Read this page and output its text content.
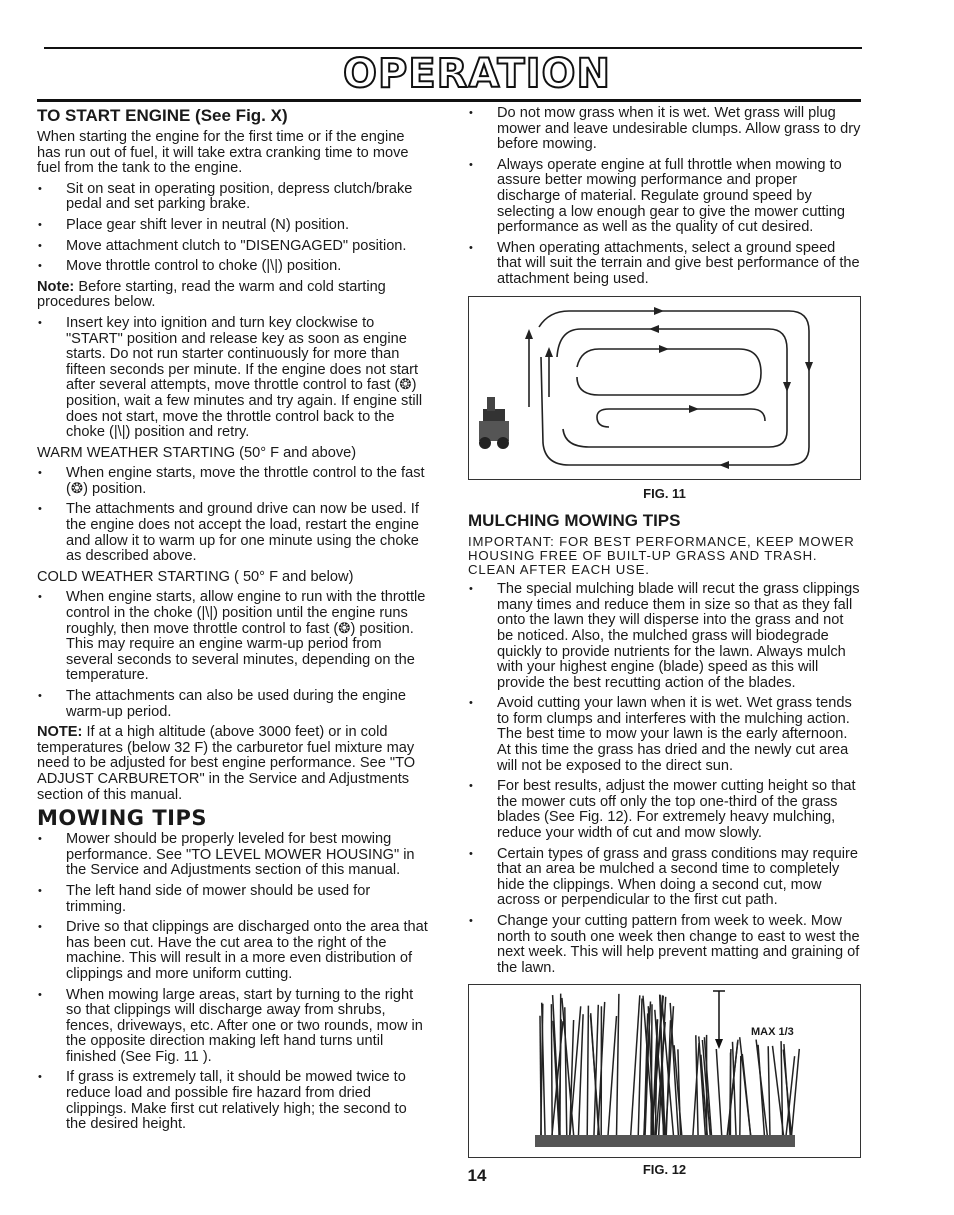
OPERATION
TO START ENGINE (See Fig. X)

When starting the engine for the first time or if the engine has run out of fuel, it will take extra cranking time to move fuel from the tank to the engine.

• Sit on seat in operating position, depress clutch/brake pedal and set parking brake.
• Place gear shift lever in neutral (N) position.
• Move attachment clutch to "DISENGAGED" position.
• Move throttle control to choke (|\|) position.

Note: Before starting, read the warm and cold starting procedures below.

• Insert key into ignition and turn key clockwise to "START" position and release key as soon as engine starts. Do not run starter continuously for more than fifteen seconds per minute. If the engine does not start after several attempts, move throttle control to fast (❂) position, wait a few minutes and try again. If engine still does not start, move the throttle control back to the choke (|\|) position and retry.

WARM WEATHER STARTING (50° F and above)

• When engine starts, move the throttle control to the fast (❂) position.
• The attachments and ground drive can now be used. If the engine does not accept the load, restart the engine and allow it to warm up for one minute using the choke as described above.

COLD WEATHER STARTING ( 50° F and below)

• When engine starts, allow engine to run with the throttle control in the choke (|\|) position until the engine runs roughly, then move throttle control to fast (❂) position. This may require an engine warm-up period from several seconds to several minutes, depending on the temperature.
• The attachments can also be used during the engine warm-up period.

NOTE: If at a high altitude (above 3000 feet) or in cold temperatures (below 32 F) the carburetor fuel mixture may need to be adjusted for best engine performance. See "TO ADJUST CARBURETOR" in the Service and Adjustments section of this manual.

MOWING TIPS
• Mower should be properly leveled for best mowing performance. See "TO LEVEL MOWER HOUSING" in the Service and Adjustments section of this manual.
• The left hand side of mower should be used for trimming.
• Drive so that clippings are discharged onto the area that has been cut. Have the cut area to the right of the machine. This will result in a more even distribution of clippings and more uniform cutting.
• When mowing large areas, start by turning to the right so that clippings will discharge away from shrubs, fences, driveways, etc. After one or two rounds, mow in the opposite direction making left hand turns until finished (See Fig. 11 ).
• If grass is extremely tall, it should be mowed twice to reduce load and possible fire hazard from dried clippings. Make first cut relatively high; the second to the desired height.
• Do not mow grass when it is wet. Wet grass will plug mower and leave undesirable clumps. Allow grass to dry before mowing.
• Always operate engine at full throttle when mowing to assure better mowing performance and proper discharge of material. Regulate ground speed by selecting a low enough gear to give the mower cutting performance as well as the quality of cut desired.
• When operating attachments, select a ground speed that will suit the terrain and give best performance of the attachment being used.
FIG. 11
MULCHING MOWING TIPS

IMPORTANT: FOR BEST PERFORMANCE, KEEP MOWER HOUSING FREE OF BUILT-UP GRASS AND TRASH. CLEAN AFTER EACH USE.

• The special mulching blade will recut the grass clippings many times and reduce them in size so that as they fall onto the lawn they will disperse into the grass and not be noticed. Also, the mulched grass will biodegrade quickly to provide nutrients for the lawn. Always mulch with your highest engine (blade) speed as this will provide the best recutting action of the blades.
• Avoid cutting your lawn when it is wet. Wet grass tends to form clumps and interferes with the mulching action. The best time to mow your lawn is the early afternoon. At this time the grass has dried and the newly cut area will not be exposed to the direct sun.
• For best results, adjust the mower cutting height so that the mower cuts off only the top one-third of the grass blades (See Fig. 12). For extremely heavy mulching, reduce your width of cut and mow slowly.
• Certain types of grass and grass conditions may require that an area be mulched a second time to completely hide the clippings. When doing a second cut, mow across or perpendicular to the first cut path.
• Change your cutting pattern from week to week. Mow north to south one week then change to east to west the next week. This will help prevent matting and graining of the lawn.
MAX 1/3
FIG. 12
14
